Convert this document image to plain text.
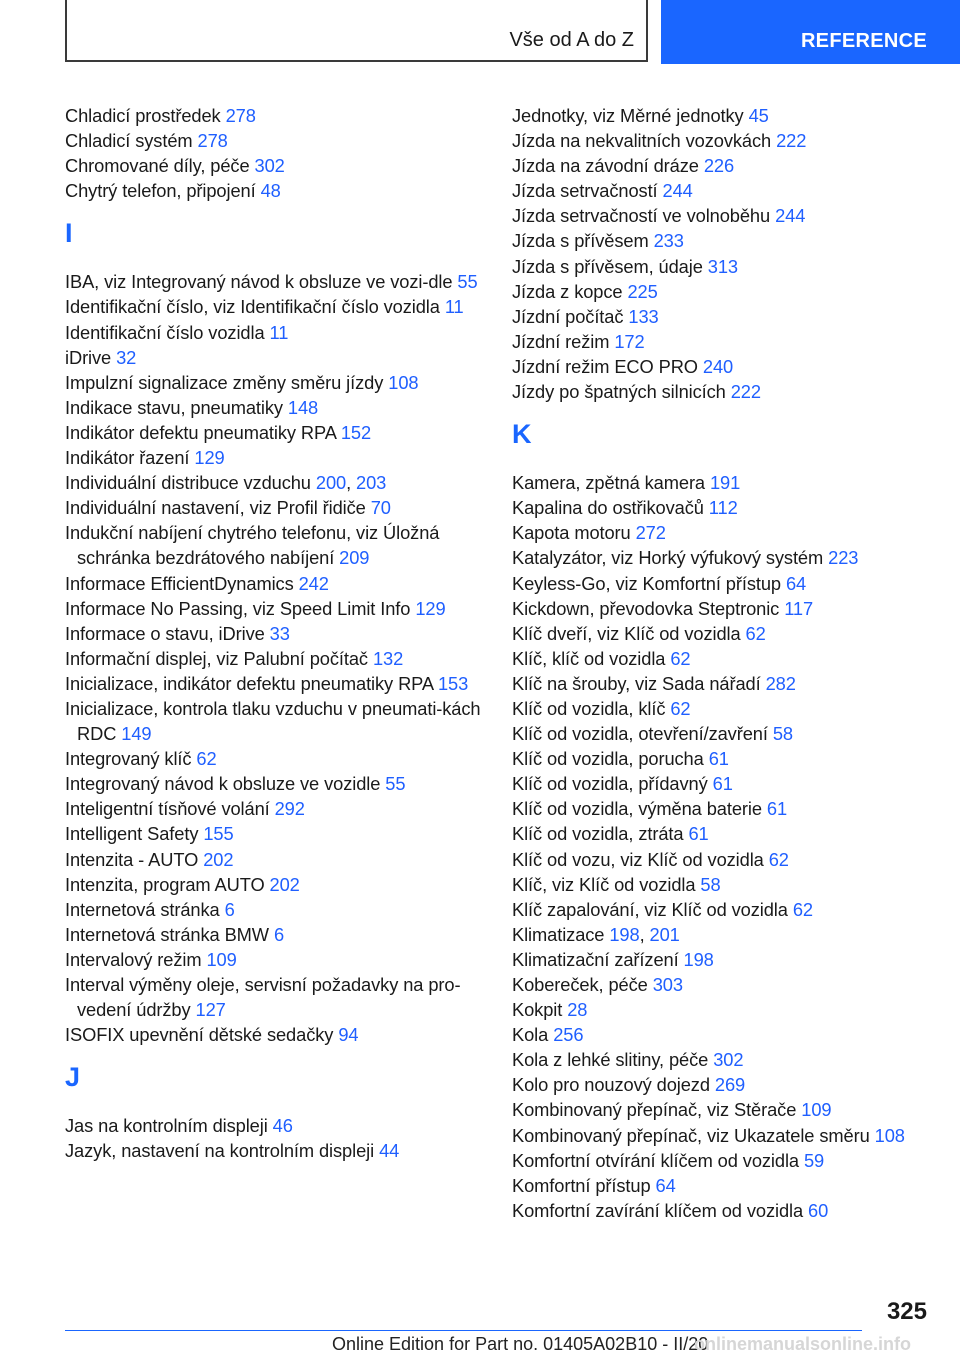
Vše od A do Z	REFERENCE
Chladicí prostředek 278
Chladicí systém 278
Chromované díly, péče 302
Chytrý telefon, připojení 48
I
IBA, viz Integrovaný návod k obsluze ve vozi-dle 55
Identifikační číslo, viz Identifikační číslo vozidla 11
Identifikační číslo vozidla 11
iDrive 32
Impulzní signalizace změny směru jízdy 108
Indikace stavu, pneumatiky 148
Indikátor defektu pneumatiky RPA 152
Indikátor řazení 129
Individuální distribuce vzduchu 200, 203
Individuální nastavení, viz Profil řidiče 70
Indukční nabíjení chytrého telefonu, viz Úložná schránka bezdrátového nabíjení 209
Informace EfficientDynamics 242
Informace No Passing, viz Speed Limit Info 129
Informace o stavu, iDrive 33
Informační displej, viz Palubní počítač 132
Inicializace, indikátor defektu pneumatiky RPA 153
Inicializace, kontrola tlaku vzduchu v pneumati-kách RDC 149
Integrovaný klíč 62
Integrovaný návod k obsluze ve vozidle 55
Inteligentní tísňové volání 292
Intelligent Safety 155
Intenzita - AUTO 202
Intenzita, program AUTO 202
Internetová stránka 6
Internetová stránka BMW 6
Intervalový režim 109
Interval výměny oleje, servisní požadavky na pro-vedení údržby 127
ISOFIX upevnění dětské sedačky 94
J
Jas na kontrolním displeji 46
Jazyk, nastavení na kontrolním displeji 44
Jednotky, viz Měrné jednotky 45
Jízda na nekvalitních vozovkách 222
Jízda na závodní dráze 226
Jízda setrvačností 244
Jízda setrvačností ve volnoběhu 244
Jízda s přívěsem 233
Jízda s přívěsem, údaje 313
Jízda z kopce 225
Jízdní počítač 133
Jízdní režim 172
Jízdní režim ECO PRO 240
Jízdy po špatných silnicích 222
K
Kamera, zpětná kamera 191
Kapalina do ostřikovačů 112
Kapota motoru 272
Katalyzátor, viz Horký výfukový systém 223
Keyless-Go, viz Komfortní přístup 64
Kickdown, převodovka Steptronic 117
Klíč dveří, viz Klíč od vozidla 62
Klíč, klíč od vozidla 62
Klíč na šrouby, viz Sada nářadí 282
Klíč od vozidla, klíč 62
Klíč od vozidla, otevření/zavření 58
Klíč od vozidla, porucha 61
Klíč od vozidla, přídavný 61
Klíč od vozidla, výměna baterie 61
Klíč od vozidla, ztráta 61
Klíč od vozu, viz Klíč od vozidla 62
Klíč, viz Klíč od vozidla 58
Klíč zapalování, viz Klíč od vozidla 62
Klimatizace 198, 201
Klimatizační zařízení 198
Kobereček, péče 303
Kokpit 28
Kola 256
Kola z lehké slitiny, péče 302
Kolo pro nouzový dojezd 269
Kombinovaný přepínač, viz Stěrače 109
Kombinovaný přepínač, viz Ukazatele směru 108
Komfortní otvírání klíčem od vozidla 59
Komfortní přístup 64
Komfortní zavírání klíčem od vozidla 60
325
Online Edition for Part no. 01405A02B10 - II/20
onlinemanualsonline.info
